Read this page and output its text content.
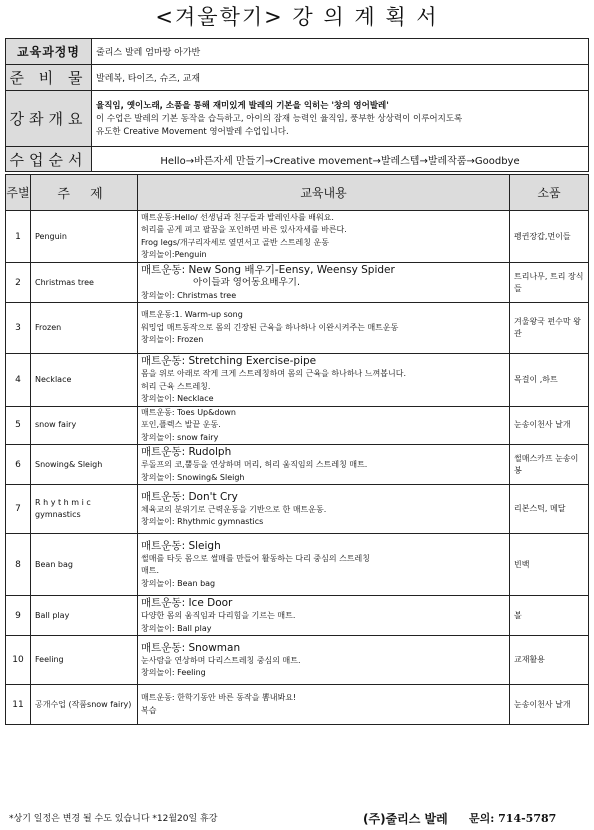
<겨울학기> 강 의 계 획 서
교육과정명	줄리스 발레 엄마랑 아가반
준 비 물	발레복, 타이즈, 슈즈, 교재
강좌개요	율직임, 옛이노래, 소품을 통해 재미있게 발레의 기본을 익히는 '창의 영어발레'
이 수업은 발레의 기본 동작을 습득하고, 아이의 잠재 능력인 율직임, 풍부한 상상력이 이루어지도록
유도한 Creative Movement 영어발레 수업입니다.

수업순서	Hello→바른자세 만들기→Creative movement→발레스텝→발레작품→Goodbye
주별	주 제	교육내용	소품
1	Penguin	매트운동:Hello/ 선생님과 친구들과 발레인사를 배워요.
허리를 곧게 펴고 팔꿈을 포인하면 바른 있사자세를 바른다.
Frog legs/개구리자세로 옆면서고 골반 스트레칭 운동
창의놀이:Penguin	펭귄장갑,먼이들
2	Christmas tree	매트운동: New Song 배우기-Eensy, Weensy Spider
아이들과 영어동요배우기.
창의놀이: Christmas tree	트리나무, 트리 장식들
3	Frozen	매트운동:1. Warm-up song
워밍업 매트동작으로 몸의 긴장된 근육을 하나하나 이완시켜주는 매트운동
창의놀이: Frozen	겨울왕국 펀수막 왕관
4	Necklace	매트운동: Stretching Exercise-pipe
몸을 위로 아래로 작게 크게 스트레칭하며 몸의 근육을 하나하나 느껴봅니다.
허리 근육 스트레칭.
창의놀이: Necklace	목걸이 ,하트
5	snow fairy	매트운동: Toes Up&down
포인,플렉스 발끝 운동.
창의놀이: snow fairy	눈송이천사 날개
6	Snowing& Sleigh	매트운동: Rudolph
루돌프의 코,뿔등을 연상하며 머리, 허리 움직임의 스트레칭 매트.
창의놀이: Snowing& Sleigh	썰매스카프 눈송이봉
7	R h y t h m i c gymnastics	매트운동: Don't Cry
체육교의 분위기로 근력운동을 기반으로 한 매트운동.
창의놀이: Rhythmic gymnastics	리본스틱, 메달
8	Bean bag	매트운동: Sleigh
썰매를 타듯 몸으로 썰매를 만들어 활동하는 다리 중심의 스트레칭
매트.
창의놀이: Bean bag	빈백
9	Ball play	매트운동: Ice Door
다양한 몸의 움직임과 다리힘을 기르는 매트.
창의놀이: Ball play	볼
10	Feeling	매트운동: Snowman
눈사람을 연상하며 다리스트레칭 중심의 매트.
창의놀이: Feeling	교재활용
11	공개수업 (작품snow fairy)	매트운동: 한학기동안 바른 동작을 뽐내봐요!
복습	눈송이천사 날개
*상기 일정은 변경 될 수도 있습니다 *12월20일 휴강	(주)줄리스 발레 문의: 714-5787
